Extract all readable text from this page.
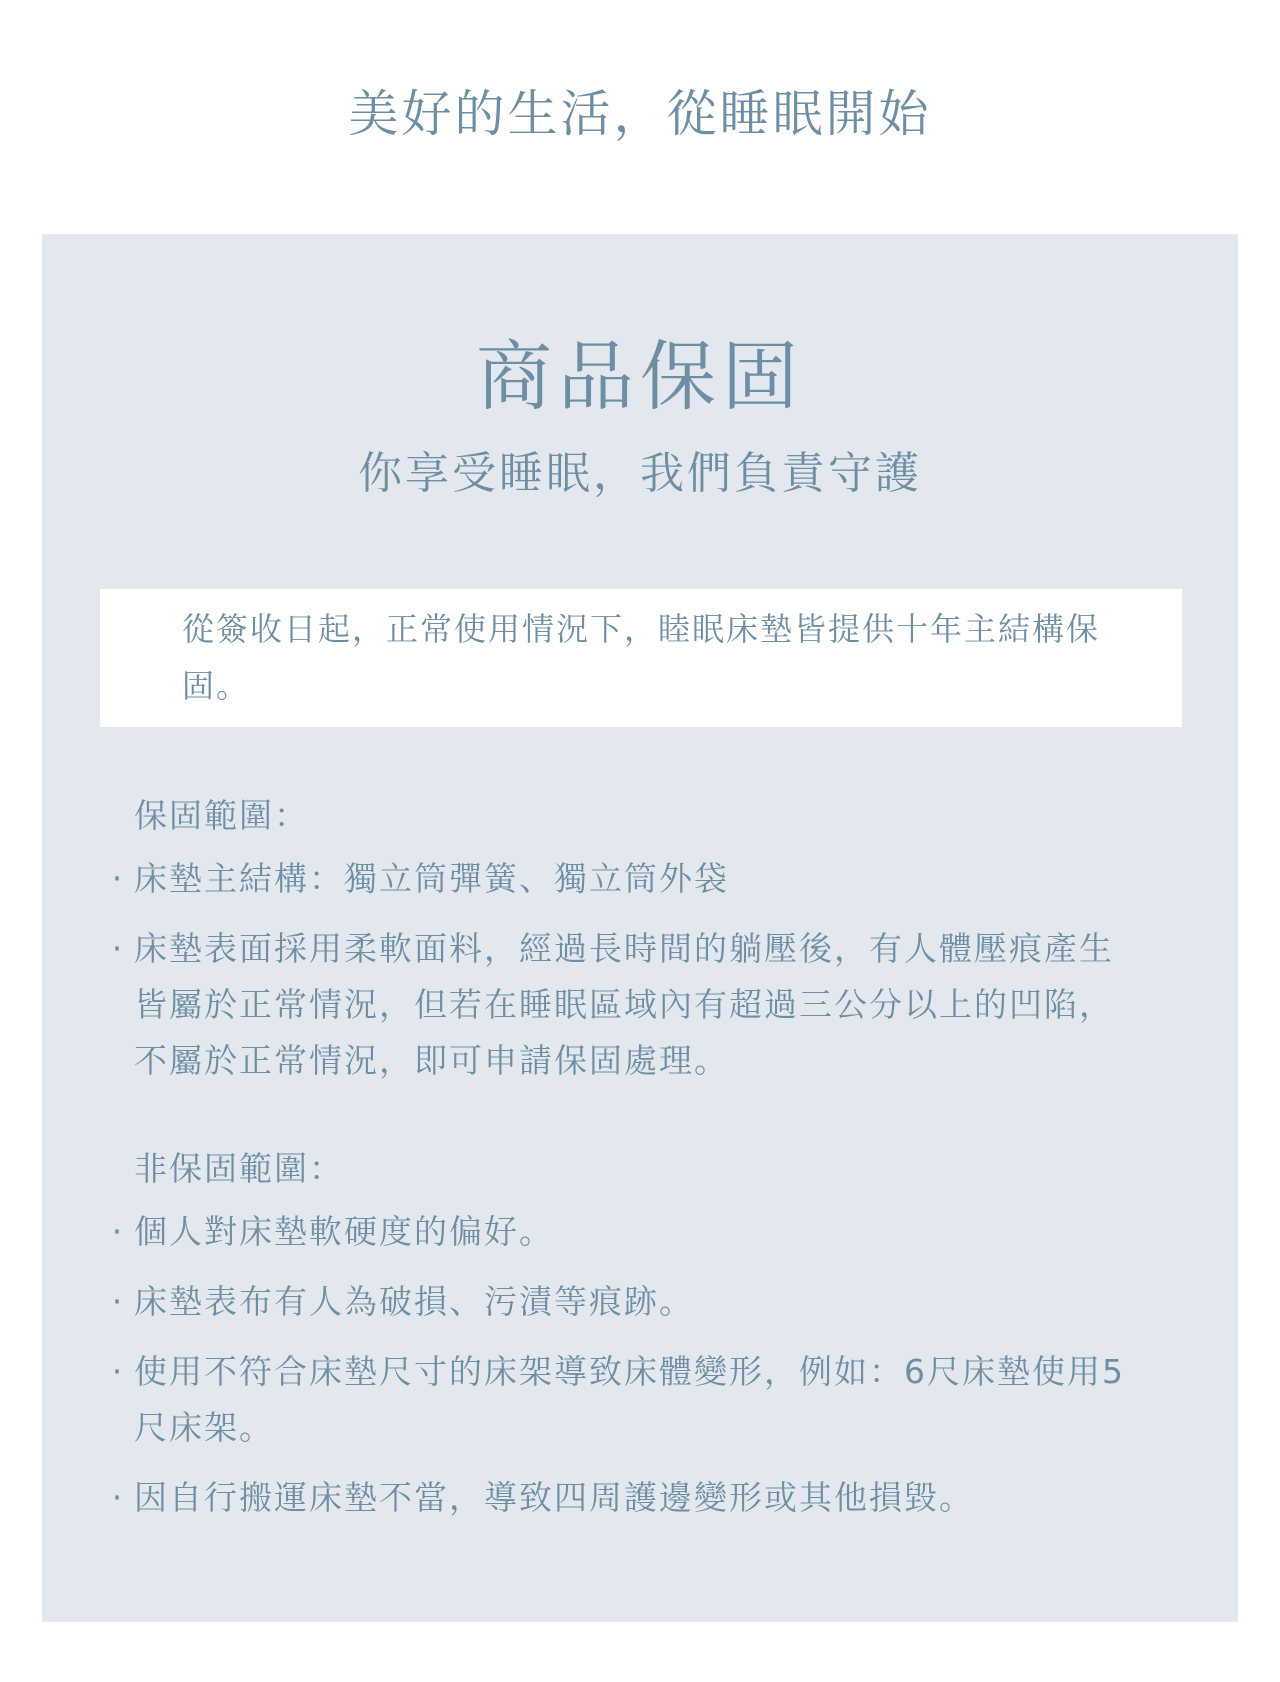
美好的生活，從睡眠開始
商品保固
你享受睡眠，我們負責守護

從簽收日起，正常使用情況下，睦眠床墊皆提供十年主結構保固。

保固範圍：
· 床墊主結構：獨立筒彈簧、獨立筒外袋
· 床墊表面採用柔軟面料，經過長時間的躺壓後，有人體壓痕產生皆屬於正常情況，但若在睡眠區域內有超過三公分以上的凹陷，不屬於正常情況，即可申請保固處理。
非保固範圍：
· 個人對床墊軟硬度的偏好。
· 床墊表布有人為破損、污漬等痕跡。
· 使用不符合床墊尺寸的床架導致床體變形，例如：6尺床墊使用5尺床架。
· 因自行搬運床墊不當，導致四周護邊變形或其他損毀。
